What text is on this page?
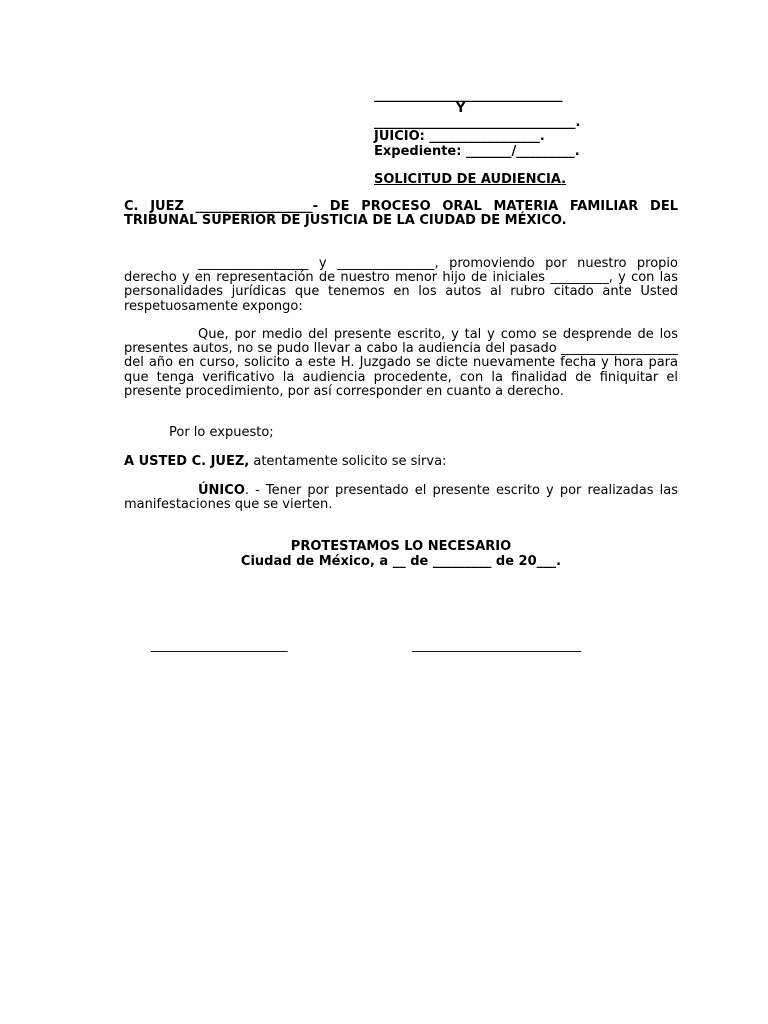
_____________________________
Y
_______________________________.
JUICIO: _________________.
Expediente: _______/_________.
SOLICITUD DE AUDIENCIA.
C. JUEZ __________________- DE PROCESO ORAL MATERIA FAMILIAR DEL TRIBUNAL SUPERIOR DE JUSTICIA DE LA CIUDAD DE MÉXICO.
_________________ y _______________, promoviendo por nuestro propio derecho y en representación de nuestro menor hijo de iniciales _________, y con las personalidades jurídicas que tenemos en los autos al rubro citado ante Usted respetuosamente expongo:
Que, por medio del presente escrito, y tal y como se desprende de los presentes autos, no se pudo llevar a cabo la audiencia del pasado __________________ del año en curso, solicito a este H. Juzgado se dicte nuevamente fecha y hora para que tenga verificativo la audiencia procedente, con la finalidad de finiquitar el presente procedimiento, por así corresponder en cuanto a derecho.
Por lo expuesto;
A USTED C. JUEZ, atentamente solicito se sirva:
ÚNICO. - Tener por presentado el presente escrito y por realizadas las manifestaciones que se vierten.
PROTESTAMOS LO NECESARIO
Ciudad de México, a __ de _________ de 20___.
_____________________	__________________________
